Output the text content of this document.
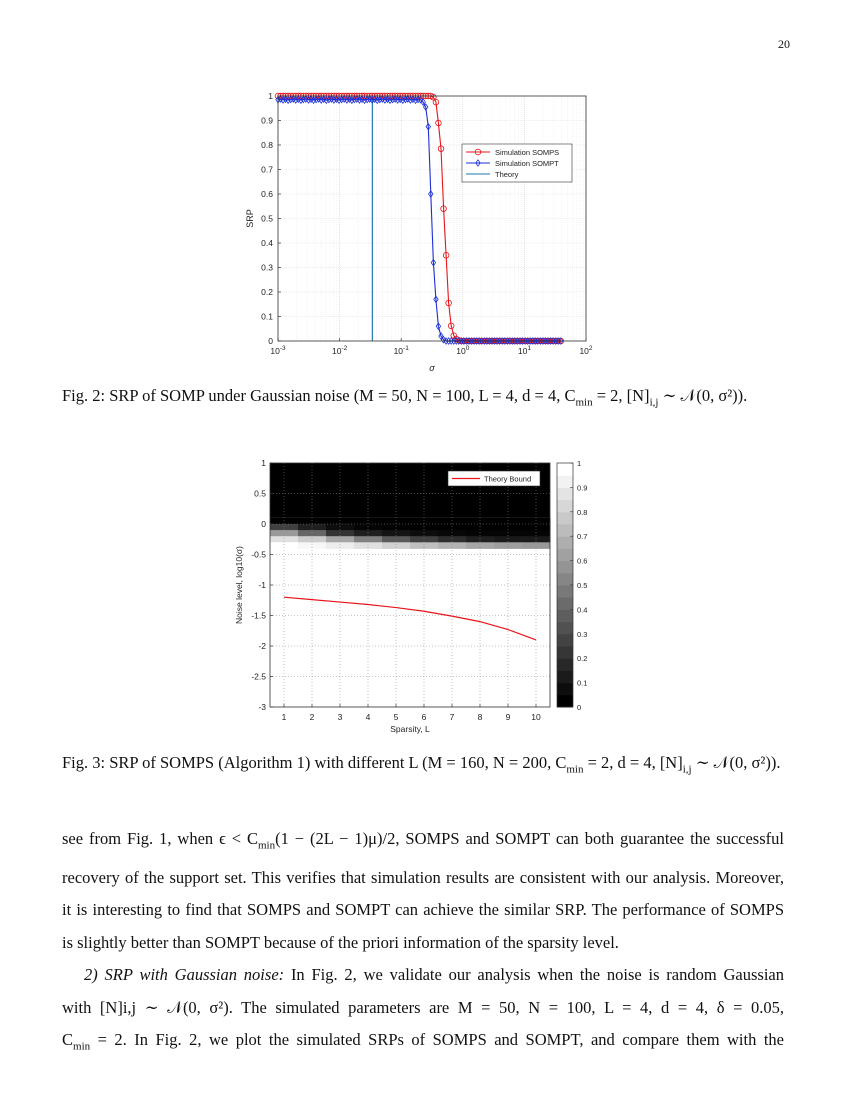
20
0
0.1
0.2
0.3
0.4
0.5
0.6
0.7
0.8
0.9
1
$10^{-3}$	$10^{-2}$	$10^{-1}$	$10^0$	$10^1$	$10^2$
σ
SRP
Simulation SOMPS
Simulation SOMPT
Theory
Fig. 2: SRP of SOMP under Gaussian noise (M = 50, N = 100, L = 4, d = 4, $C_{min} = 2$, $[N]_{i,j}$ ∼ 𝒩(0, σ²)).
1	2	3	4	5	6	7	8	9 10
1
0.5
0
-0.5
-1
-1.5
-2
-2.5
-3
Sparsity, L
Noise level, log10(σ)
Theory Bound
0
0.1
0.2
0.3
0.4
0.5
0.6
0.7
0.8
0.9
1
Fig. 3: SRP of SOMPS (Algorithm 1) with different L (M = 160, N = 200, $C_{min} = 2$, d = 4, $[N]_{i,j}$ ∼ 𝒩(0, σ²)).

see from Fig. 1, when $\epsilon < C_{min}(1 - (2L - 1)\mu)/2$, SOMPS and SOMPT can both guarantee the successful

recovery of the support set. This verifies that simulation results are consistent with our analysis. Moreover,

it is interesting to find that SOMPS and SOMPT can achieve the similar SRP. The performance of SOMPS

is slightly better than SOMPT because of the priori information of the sparsity level.

2) SRP with Gaussian noise: In Fig. 2, we validate our analysis when the noise is random Gaussian

with [N]i,j ∼ 𝒩(0, σ²). The simulated parameters are M = 50, N = 100, L = 4, d = 4, δ = 0.05,

$C_{min} = 2$. In Fig. 2, we plot the simulated SRPs of SOMPS and SOMPT, and compare them with the
